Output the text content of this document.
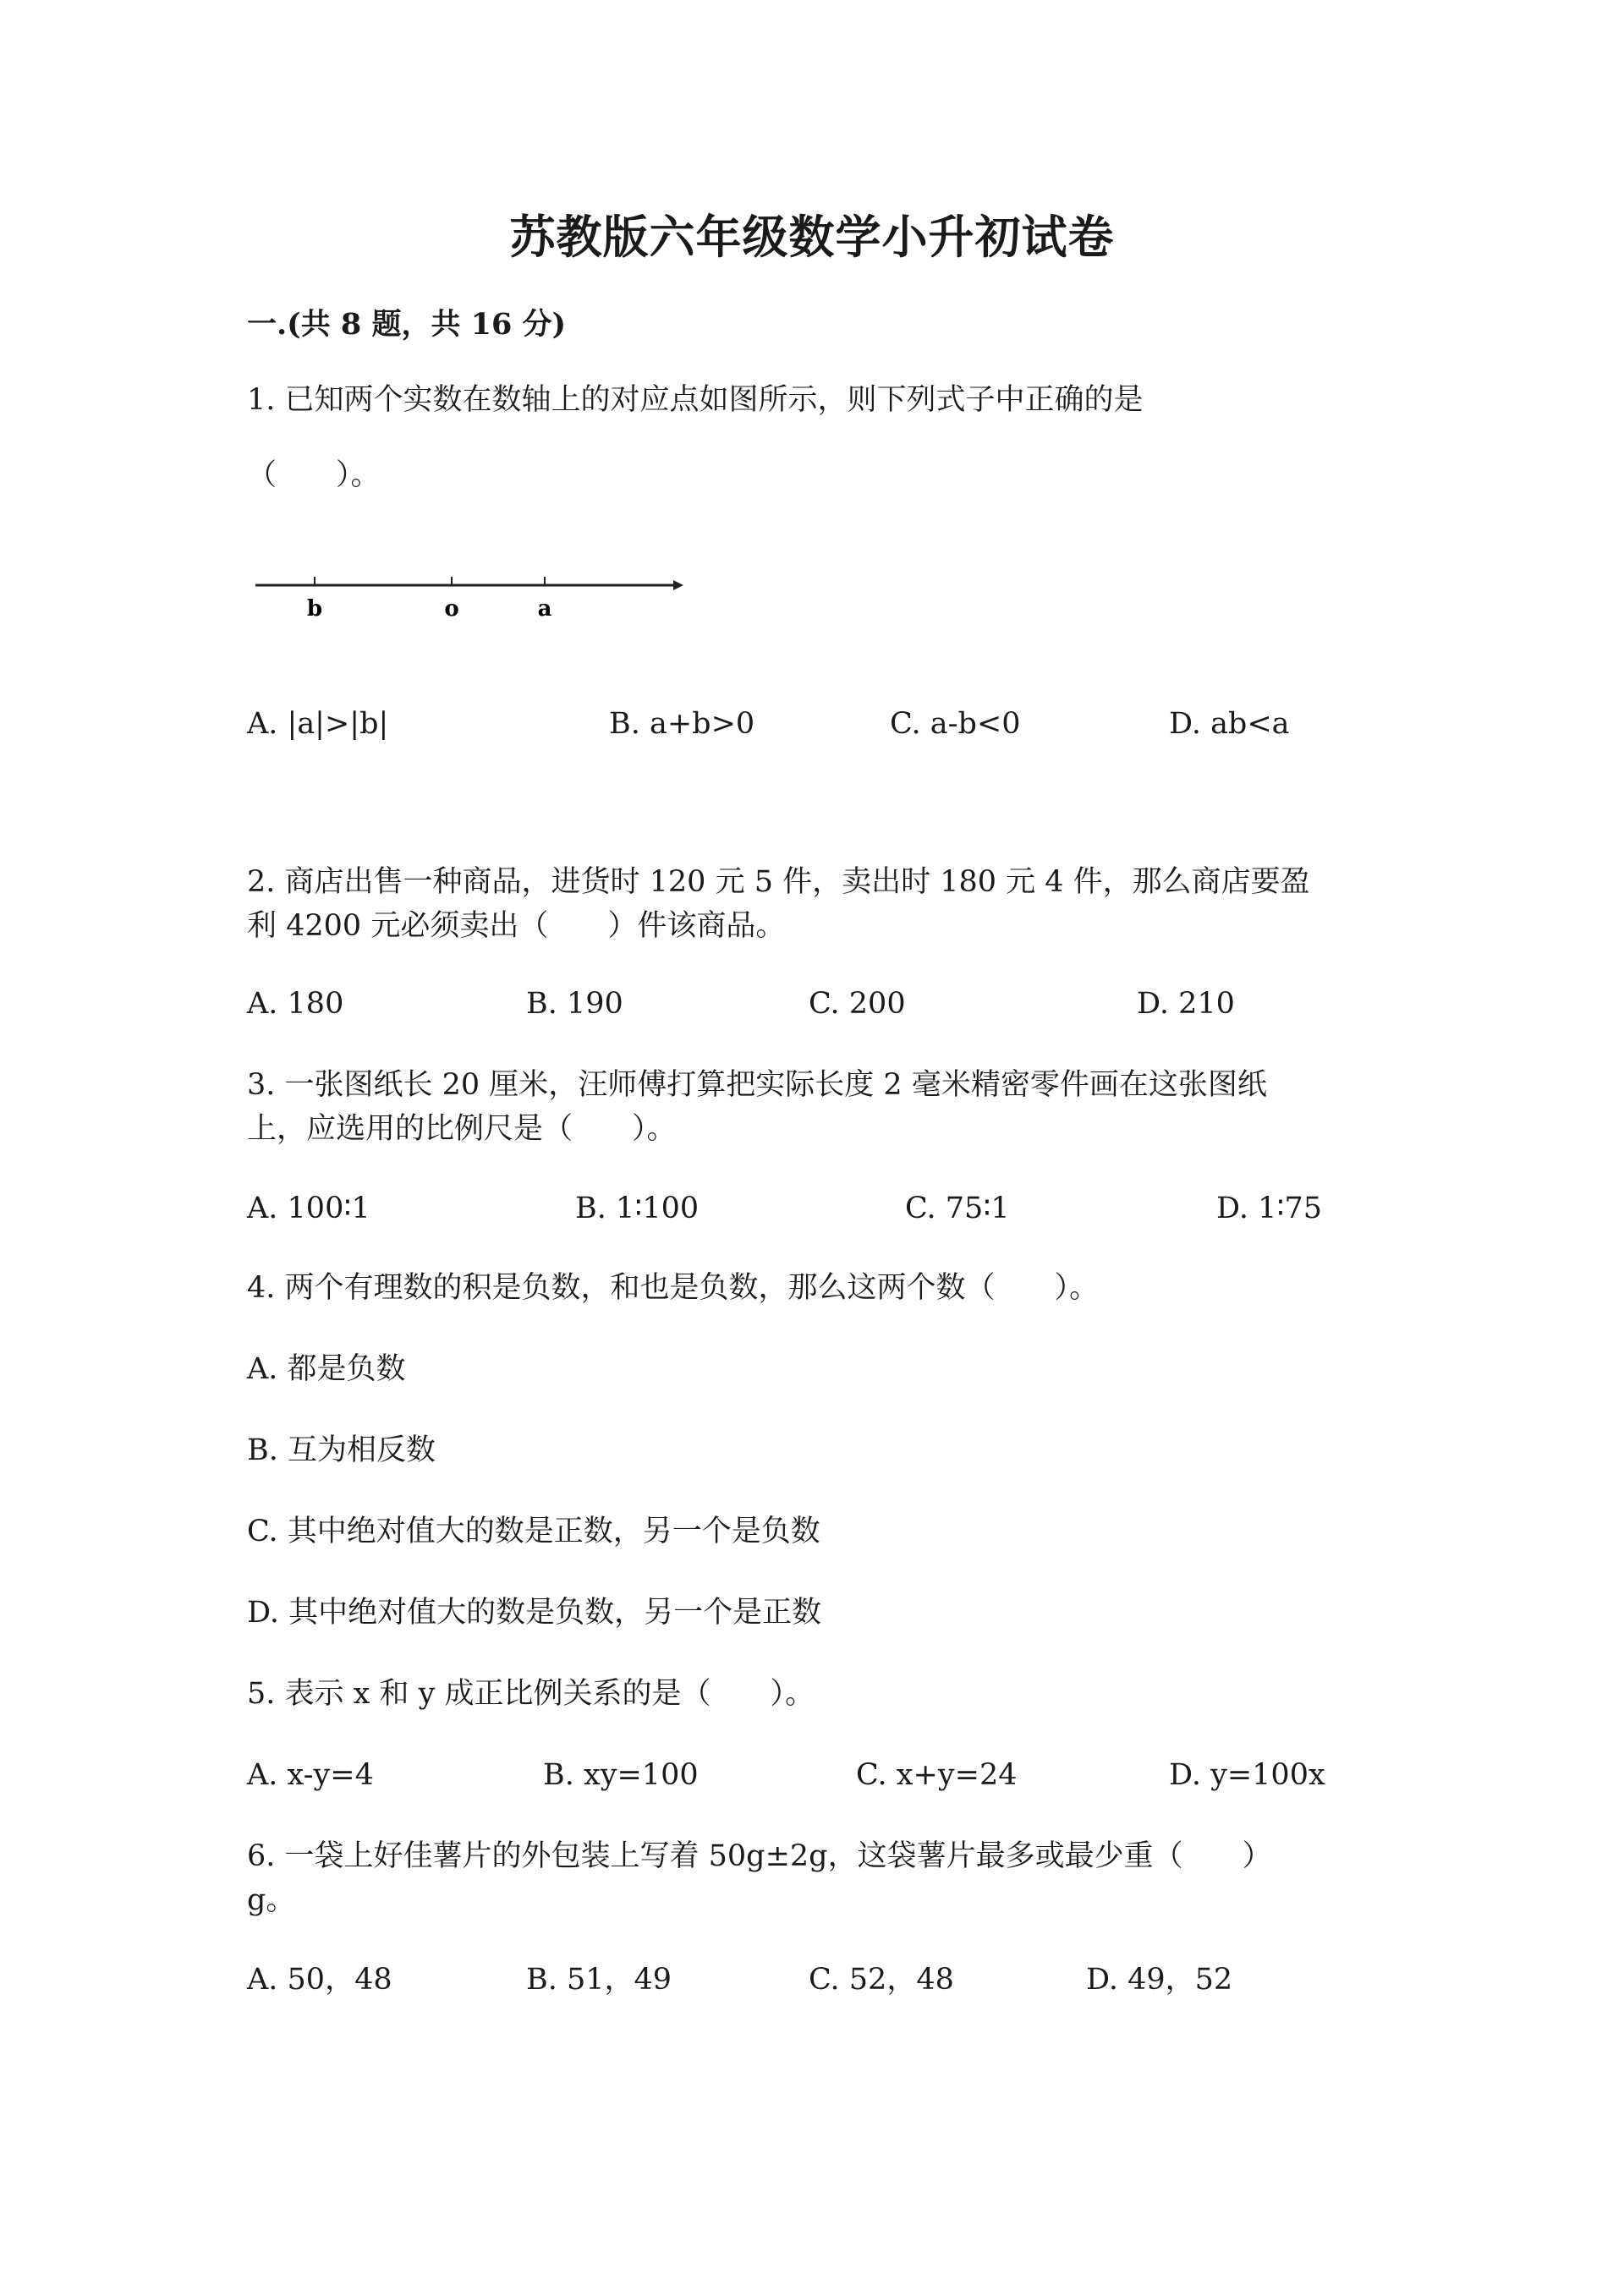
苏教版六年级数学小升初试卷
一.(共 8 题，共 16 分)
1. 已知两个实数在数轴上的对应点如图所示，则下列式子中正确的是
（　　）。
b	o	a
A. |a|>|b|	B. a+b>0	C. a-b<0	D. ab<a
2. 商店出售一种商品，进货时 120 元 5 件，卖出时 180 元 4 件，那么商店要盈
利 4200 元必须卖出（　　）件该商品。
A. 180	B. 190	C. 200	D. 210
3. 一张图纸长 20 厘米，汪师傅打算把实际长度 2 毫米精密零件画在这张图纸
上，应选用的比例尺是（　　）。
A. 100∶1	B. 1∶100	C. 75∶1	D. 1∶75
4. 两个有理数的积是负数，和也是负数，那么这两个数（　　）。
A. 都是负数
B. 互为相反数
C. 其中绝对值大的数是正数，另一个是负数
D. 其中绝对值大的数是负数，另一个是正数
5. 表示 x 和 y 成正比例关系的是（　　）。
A. x-y=4	B. xy=100	C. x+y=24	D. y=100x
6. 一袋上好佳薯片的外包装上写着 50g±2g，这袋薯片最多或最少重（　　）
g。
A. 50，48	B. 51，49	C. 52，48	D. 49，52
